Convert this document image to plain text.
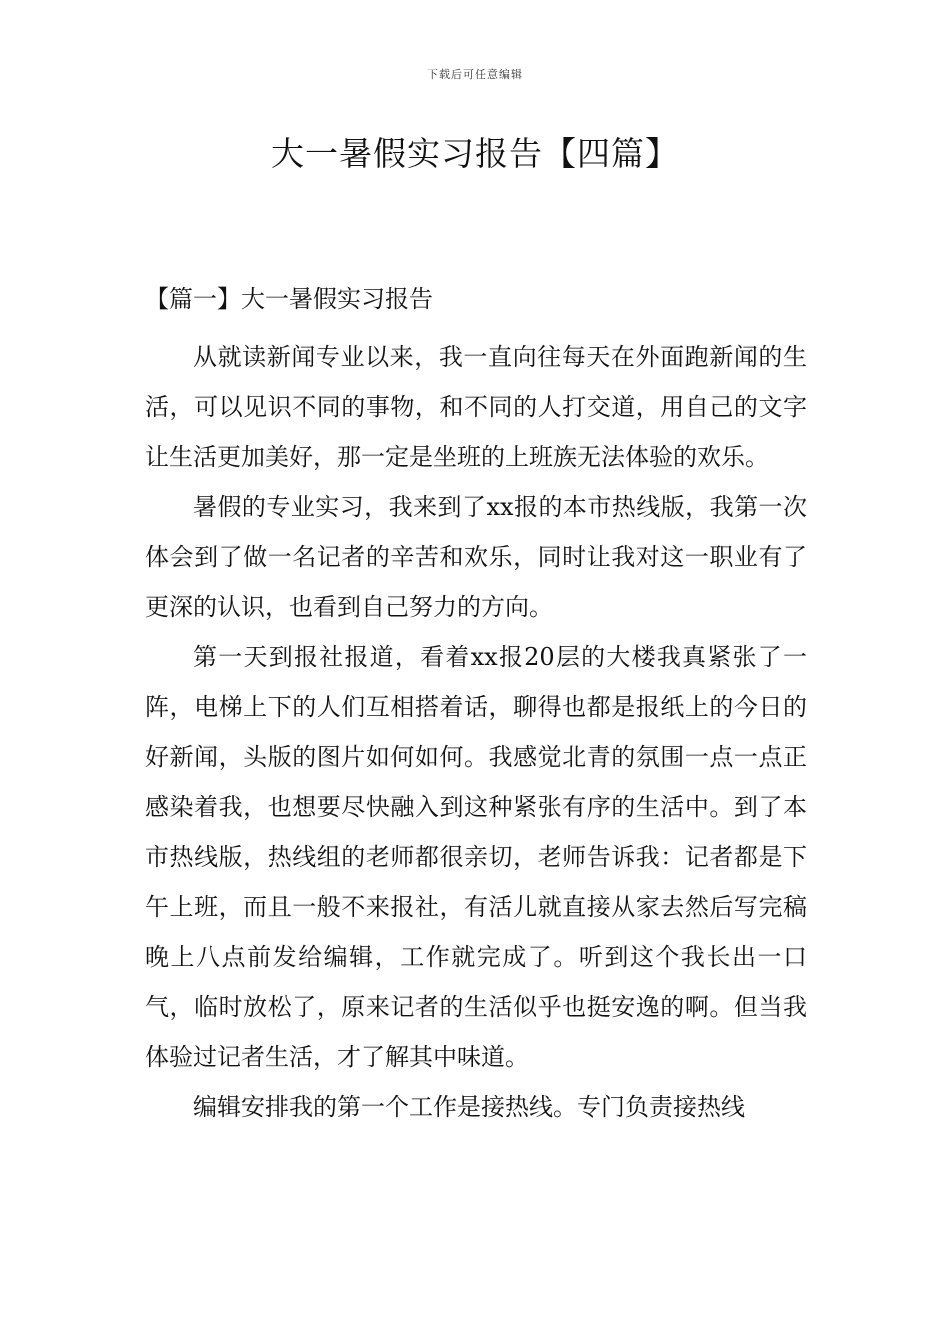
下载后可任意编辑
大一暑假实习报告【四篇】

【篇一】大一暑假实习报告

从就读新闻专业以来，我一直向往每天在外面跑新闻的生活，可以见识不同的事物，和不同的人打交道，用自己的文字让生活更加美好，那一定是坐班的上班族无法体验的欢乐。

暑假的专业实习，我来到了xx报的本市热线版，我第一次体会到了做一名记者的辛苦和欢乐，同时让我对这一职业有了更深的认识，也看到自己努力的方向。

第一天到报社报道，看着xx报20层的大楼我真紧张了一阵，电梯上下的人们互相搭着话，聊得也都是报纸上的今日的好新闻，头版的图片如何如何。我感觉北青的氛围一点一点正感染着我，也想要尽快融入到这种紧张有序的生活中。到了本市热线版，热线组的老师都很亲切，老师告诉我：记者都是下午上班，而且一般不来报社，有活儿就直接从家去然后写完稿晚上八点前发给编辑，工作就完成了。听到这个我长出一口气，临时放松了，原来记者的生活似乎也挺安逸的啊。但当我体验过记者生活，才了解其中味道。

编辑安排我的第一个工作是接热线。专门负责接热线
